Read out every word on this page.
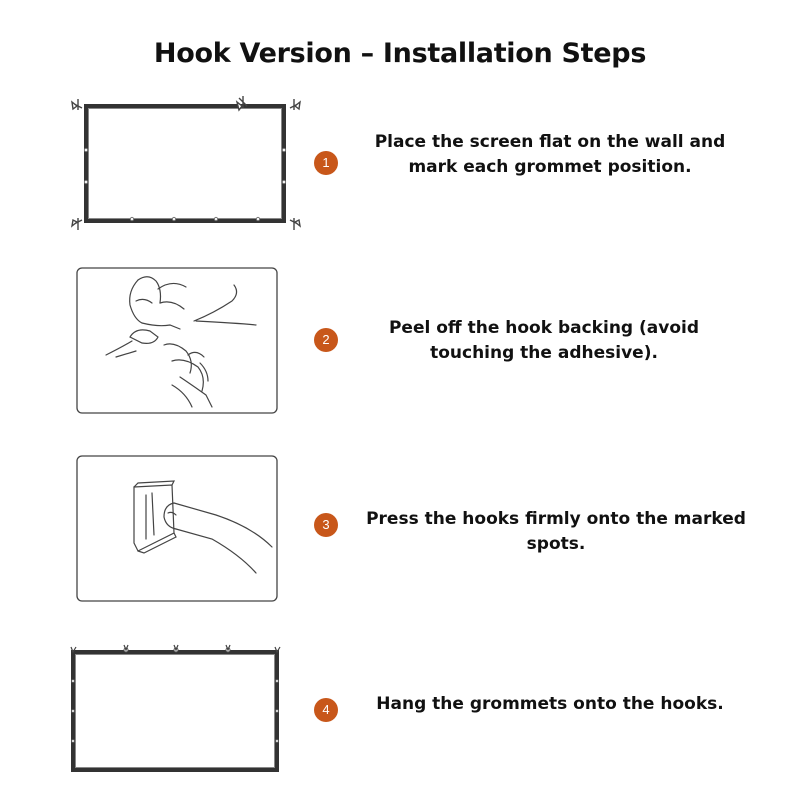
Hook Version – Installation Steps
1
Place the screen flat on the wall and mark each grommet position.
2
Peel off the hook backing (avoid touching the adhesive).
3	Press the hooks firmly onto the marked spots.
4	Hang the grommets onto the hooks.
